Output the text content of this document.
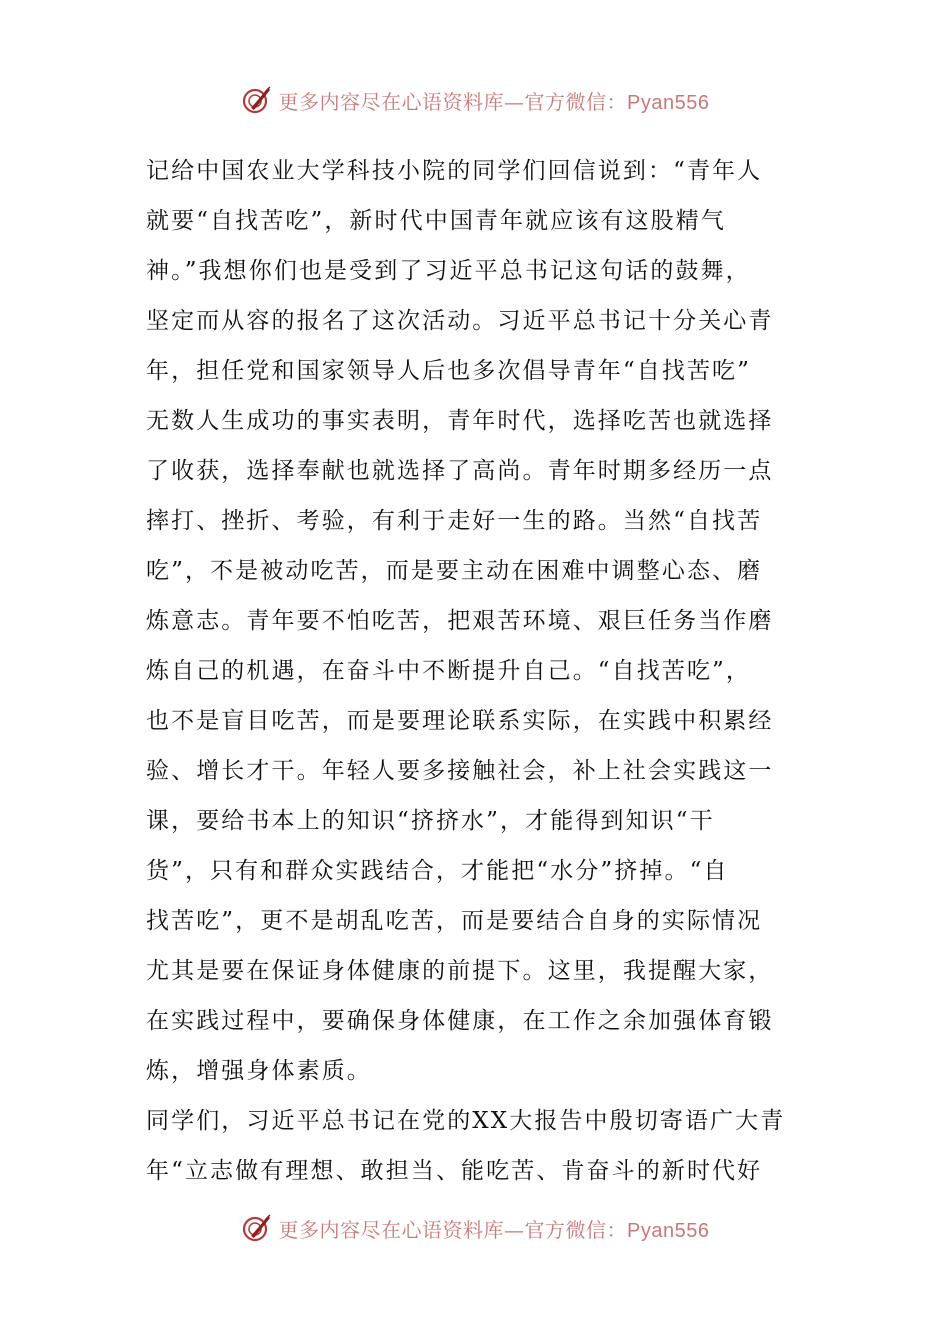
更多内容尽在心语资料库—官方微信：Pyan556
记给中国农业大学科技小院的同学们回信说到：“青年人
就要“自找苦吃”，新时代中国青年就应该有这股精气
神。”我想你们也是受到了习近平总书记这句话的鼓舞，
坚定而从容的报名了这次活动。习近平总书记十分关心青
年，担任党和国家领导人后也多次倡导青年“自找苦吃”
无数人生成功的事实表明，青年时代，选择吃苦也就选择
了收获，选择奉献也就选择了高尚。青年时期多经历一点
摔打、挫折、考验，有利于走好一生的路。当然“自找苦
吃”，不是被动吃苦，而是要主动在困难中调整心态、磨
炼意志。青年要不怕吃苦，把艰苦环境、艰巨任务当作磨
炼自己的机遇，在奋斗中不断提升自己。“自找苦吃”，
也不是盲目吃苦，而是要理论联系实际，在实践中积累经
验、增长才干。年轻人要多接触社会，补上社会实践这一
课，要给书本上的知识“挤挤水”，才能得到知识“干
货”，只有和群众实践结合，才能把“水分”挤掉。“自
找苦吃”，更不是胡乱吃苦，而是要结合自身的实际情况
尤其是要在保证身体健康的前提下。这里，我提醒大家，
在实践过程中，要确保身体健康，在工作之余加强体育锻
炼，增强身体素质。
同学们，习近平总书记在党的XX大报告中殷切寄语广大青
年“立志做有理想、敢担当、能吃苦、肯奋斗的新时代好
更多内容尽在心语资料库—官方微信：Pyan556
